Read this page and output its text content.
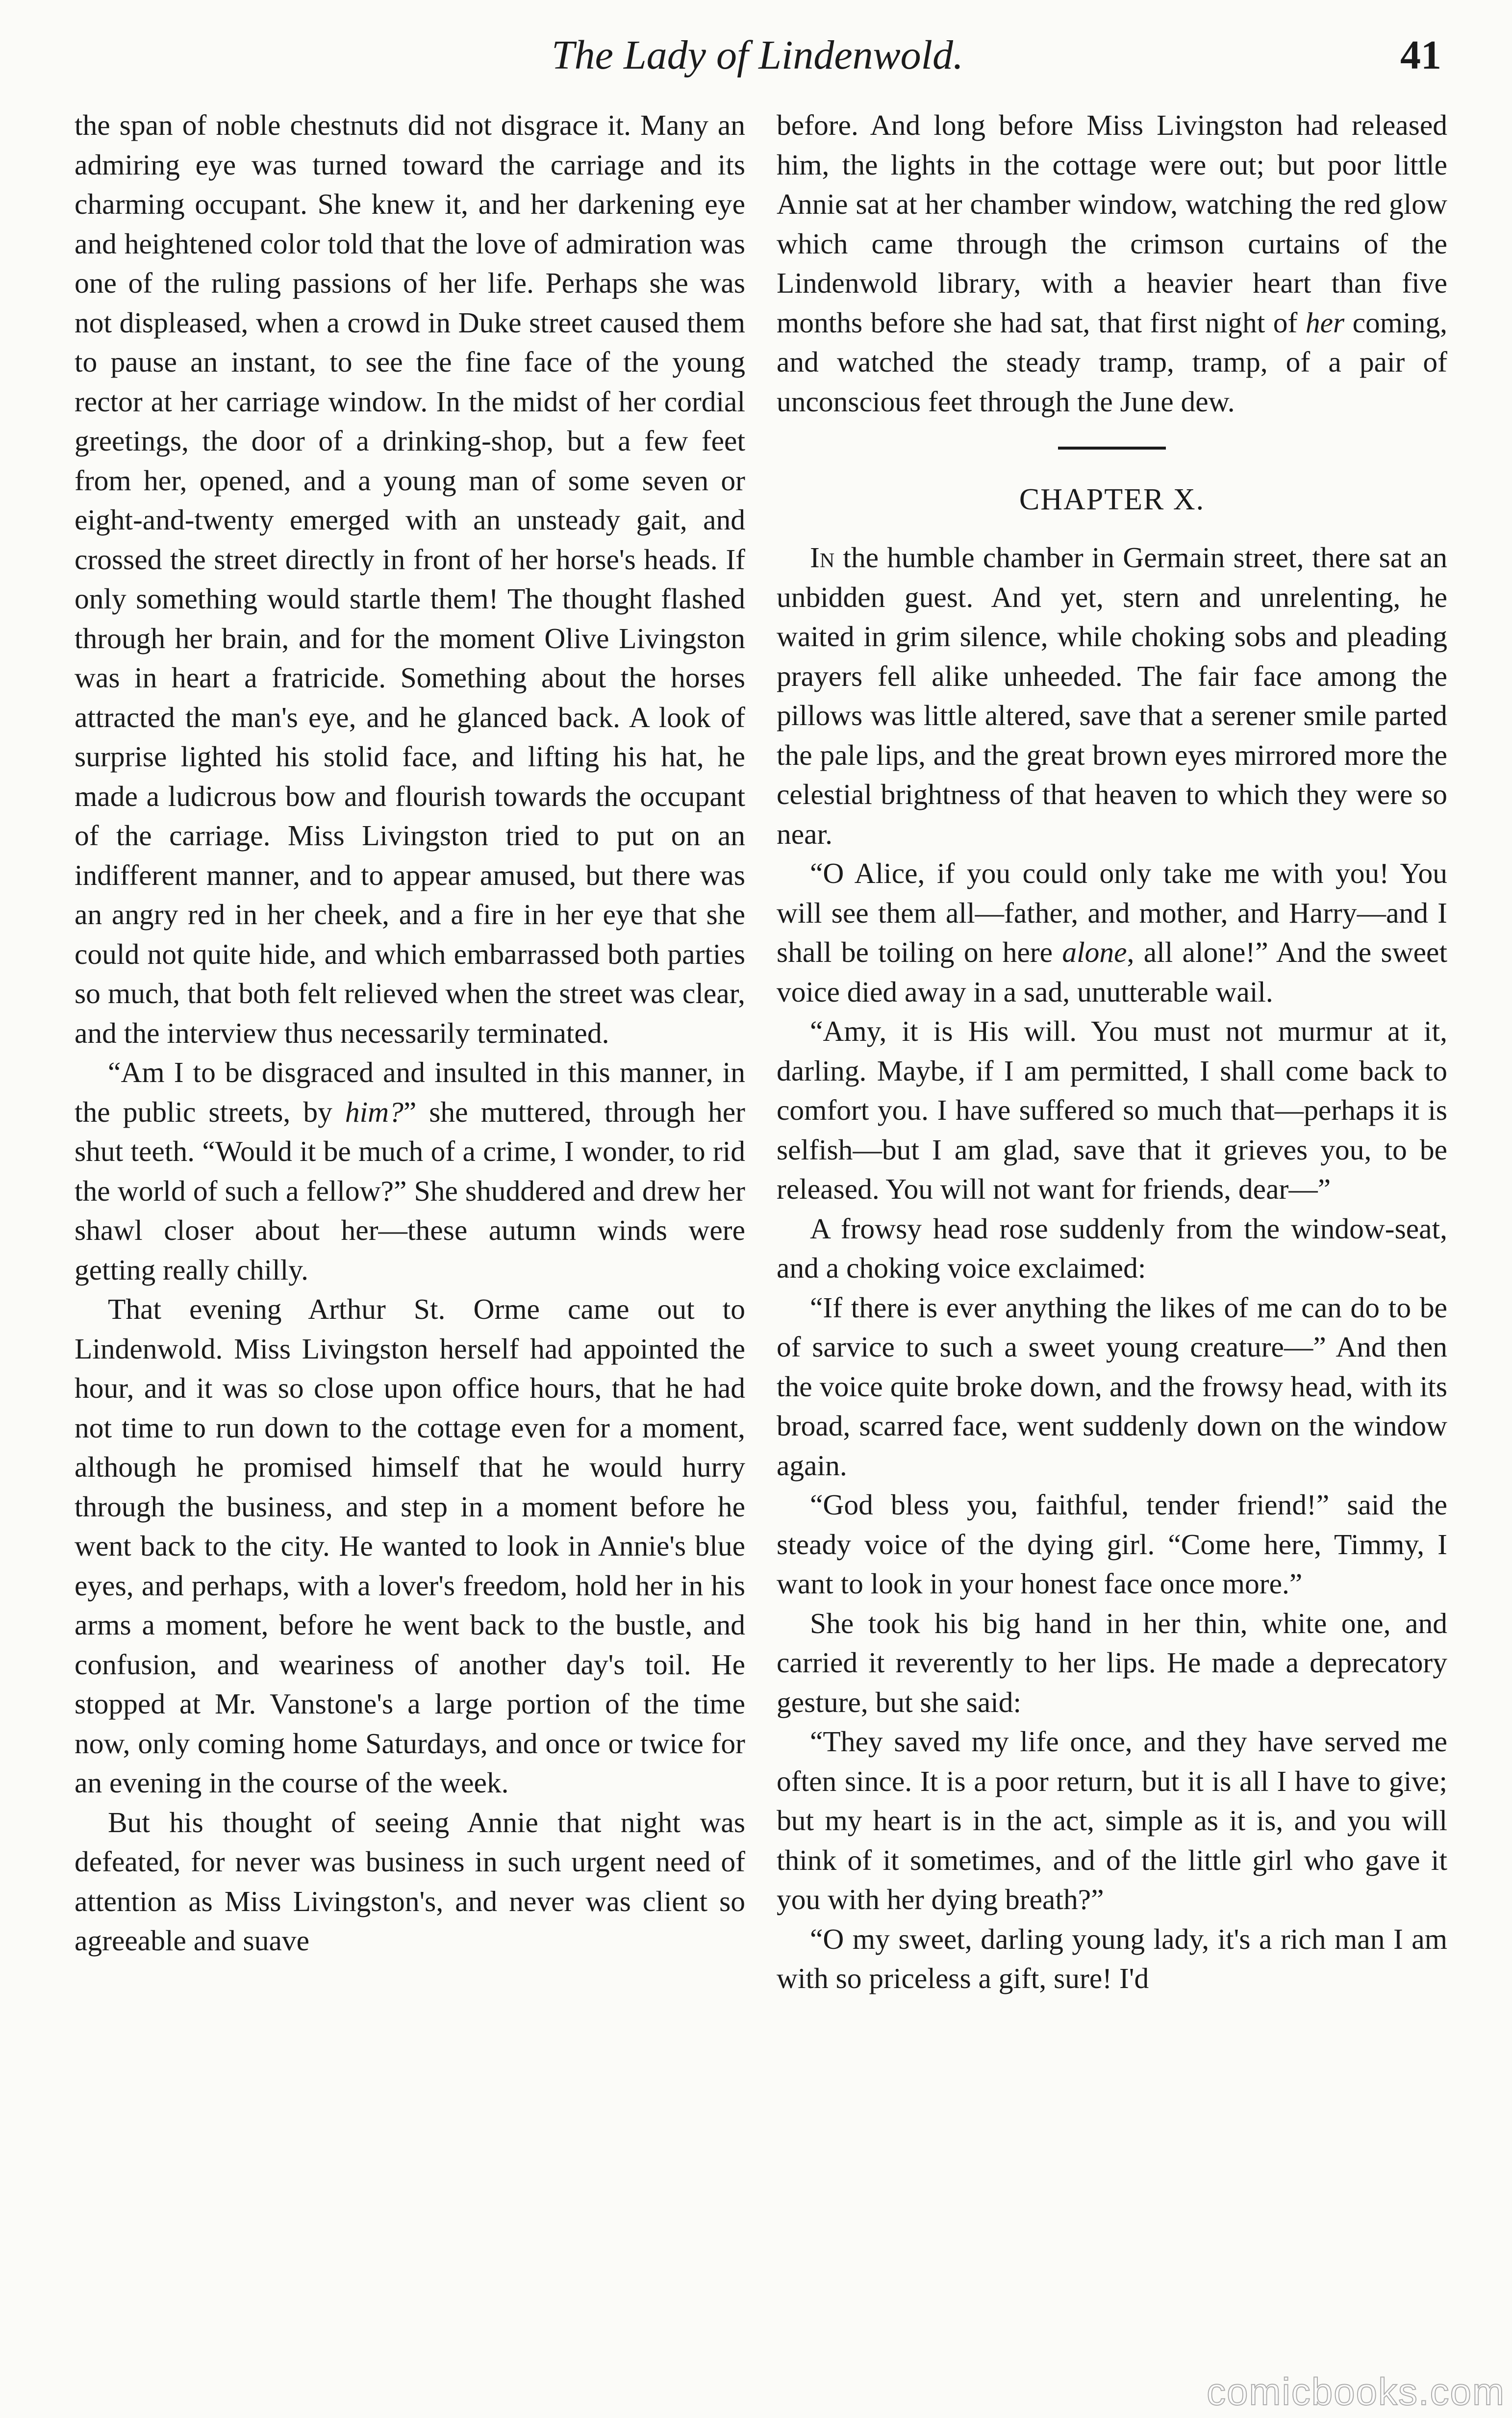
The Lady of Lindenwold.	41

the span of noble chestnuts did not disgrace it. Many an admiring eye was turned toward the carriage and its charming occupant. She knew it, and her darkening eye and heightened color told that the love of admiration was one of the ruling passions of her life. Perhaps she was not displeased, when a crowd in Duke street caused them to pause an instant, to see the fine face of the young rector at her carriage window. In the midst of her cordial greetings, the door of a drinking-shop, but a few feet from her, opened, and a young man of some seven or eight-and-twenty emerged with an unsteady gait, and crossed the street directly in front of her horse's heads. If only something would startle them! The thought flashed through her brain, and for the moment Olive Livingston was in heart a fratricide. Something about the horses attracted the man's eye, and he glanced back. A look of surprise lighted his stolid face, and lifting his hat, he made a ludicrous bow and flourish towards the occupant of the carriage. Miss Livingston tried to put on an indifferent manner, and to appear amused, but there was an angry red in her cheek, and a fire in her eye that she could not quite hide, and which embarrassed both parties so much, that both felt relieved when the street was clear, and the interview thus necessarily terminated.

“Am I to be disgraced and insulted in this manner, in the public streets, by him?” she muttered, through her shut teeth. “Would it be much of a crime, I wonder, to rid the world of such a fellow?” She shuddered and drew her shawl closer about her—these autumn winds were getting really chilly.

That evening Arthur St. Orme came out to Lindenwold. Miss Livingston herself had appointed the hour, and it was so close upon office hours, that he had not time to run down to the cottage even for a moment, although he promised himself that he would hurry through the business, and step in a moment before he went back to the city. He wanted to look in Annie's blue eyes, and perhaps, with a lover's freedom, hold her in his arms a moment, before he went back to the bustle, and confusion, and weariness of another day's toil. He stopped at Mr. Vanstone's a large portion of the time now, only coming home Saturdays, and once or twice for an evening in the course of the week.

But his thought of seeing Annie that night was defeated, for never was business in such urgent need of attention as Miss Livingston's, and never was client so agreeable and suave

before. And long before Miss Livingston had released him, the lights in the cottage were out; but poor little Annie sat at her chamber window, watching the red glow which came through the crimson curtains of the Lindenwold library, with a heavier heart than five months before she had sat, that first night of her coming, and watched the steady tramp, tramp, of a pair of unconscious feet through the June dew.

CHAPTER X.

In the humble chamber in Germain street, there sat an unbidden guest. And yet, stern and unrelenting, he waited in grim silence, while choking sobs and pleading prayers fell alike unheeded. The fair face among the pillows was little altered, save that a serener smile parted the pale lips, and the great brown eyes mirrored more the celestial brightness of that heaven to which they were so near.

“O Alice, if you could only take me with you! You will see them all—father, and mother, and Harry—and I shall be toiling on here alone, all alone!” And the sweet voice died away in a sad, unutterable wail.

“Amy, it is His will. You must not murmur at it, darling. Maybe, if I am permitted, I shall come back to comfort you. I have suffered so much that—perhaps it is selfish—but I am glad, save that it grieves you, to be released. You will not want for friends, dear—”

A frowsy head rose suddenly from the window-seat, and a choking voice exclaimed:

“If there is ever anything the likes of me can do to be of sarvice to such a sweet young creature—” And then the voice quite broke down, and the frowsy head, with its broad, scarred face, went suddenly down on the window again.

“God bless you, faithful, tender friend!” said the steady voice of the dying girl. “Come here, Timmy, I want to look in your honest face once more.”

She took his big hand in her thin, white one, and carried it reverently to her lips. He made a deprecatory gesture, but she said:

“They saved my life once, and they have served me often since. It is a poor return, but it is all I have to give; but my heart is in the act, simple as it is, and you will think of it sometimes, and of the little girl who gave it you with her dying breath?”

“O my sweet, darling young lady, it's a rich man I am with so priceless a gift, sure! I'd

comicbooks.com
